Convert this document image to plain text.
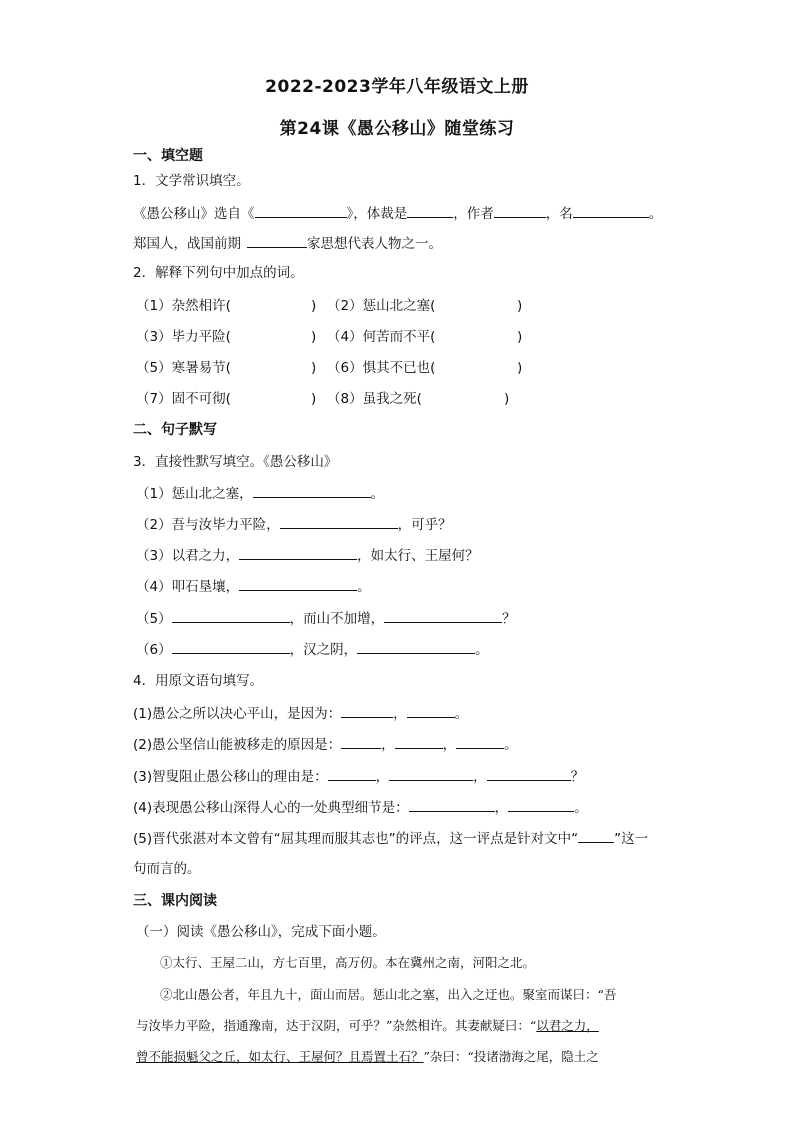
2022-2023学年八年级语文上册
第24课《愚公移山》随堂练习
一、填空题
1．文学常识填空。
《愚公移山》选自《	》，体裁是	，作者	，名	。
郑国人，战国前期	家思想代表人物之一。
2．解释下列句中加点的词。
（1）杂然相许(	) （2）惩山北之塞(	)
（3）毕力平险(	) （4）何苦而不平(	)
（5）寒暑易节(	) （6）惧其不已也(	)
（7）固不可彻(	) （8）虽我之死(	)
二、句子默写
3．直接性默写填空。《愚公移山》
（1）惩山北之塞，	。
（2）吾与汝毕力平险，	，可乎？
（3）以君之力，	，如太行、王屋何？
（4）叩石垦壤，	。
（5）	，而山不加增，	？
（6）	，汉之阴，	。
4．用原文语句填写。
(1)愚公之所以决心平山，是因为：	，	。
(2)愚公坚信山能被移走的原因是：	，	，	。
(3)智叟阻止愚公移山的理由是：	，	，	？
(4)表现愚公移山深得人心的一处典型细节是：	，	。
(5)晋代张湛对本文曾有“屈其理而服其志也”的评点，这一评点是针对文中“	”这一
句而言的。
三、课内阅读
（一）阅读《愚公移山》，完成下面小题。
①太行、王屋二山，方七百里，高万仞。本在冀州之南，河阳之北。
②北山愚公者，年且九十，面山而居。惩山北之塞，出入之迂也。聚室而谋曰：“吾
与汝毕力平险，指通豫南，达于汉阴，可乎？”杂然相许。其妻献疑曰：“以君之力，
曾不能损魁父之丘，如太行、王屋何？且焉置土石？”杂曰：“投诸渤海之尾，隐土之
